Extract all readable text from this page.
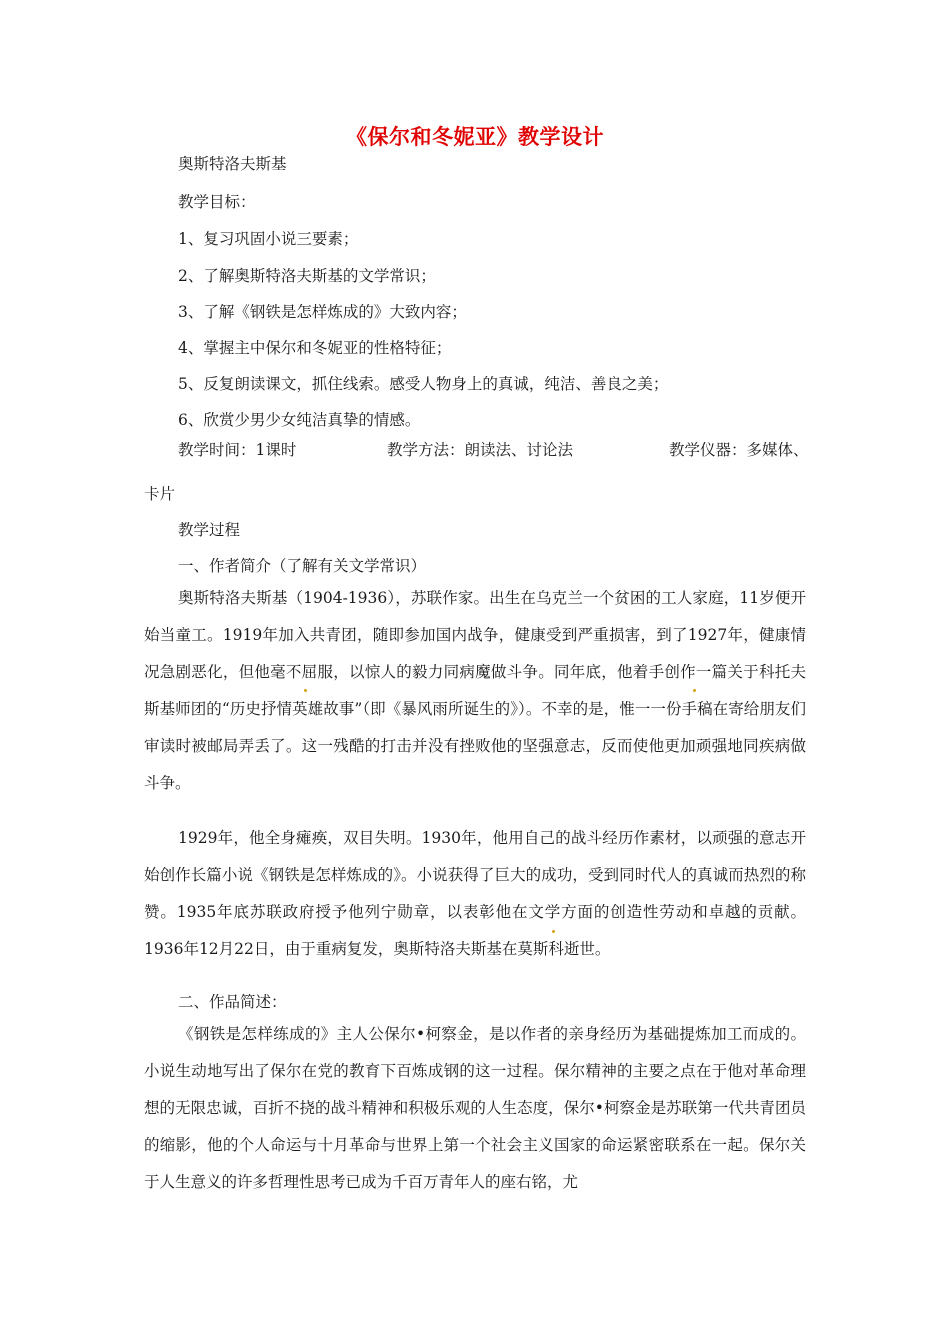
《保尔和冬妮亚》教学设计

奥斯特洛夫斯基

教学目标：

1、复习巩固小说三要素；

2、了解奥斯特洛夫斯基的文学常识；

3、了解《钢铁是怎样炼成的》大致内容；

4、掌握主中保尔和冬妮亚的性格特征；

5、反复朗读课文，抓住线索。感受人物身上的真诚，纯洁、善良之美；

6、欣赏少男少女纯洁真挚的情感。

教学时间：1课时	教学方法：朗读法、讨论法	教学仪器：多媒体、

卡片

教学过程

一、作者简介（了解有关文学常识）

奥斯特洛夫斯基（1904-1936），苏联作家。出生在乌克兰一个贫困的工人家庭，11岁便开始当童工。1919年加入共青团，随即参加国内战争，健康受到严重损害，到了1927年，健康情况急剧恶化，但他毫不屈服，以惊人的毅力同病魔做斗争。同年底，他着手创作一篇关于科托夫斯基师团的“历史抒情英雄故事”（即《暴风雨所诞生的》）。不幸的是，惟一一份手稿在寄给朋友们审读时被邮局弄丢了。这一残酷的打击并没有挫败他的坚强意志，反而使他更加顽强地同疾病做斗争。

1929年，他全身瘫痪，双目失明。1930年，他用自己的战斗经历作素材，以顽强的意志开始创作长篇小说《钢铁是怎样炼成的》。小说获得了巨大的成功，受到同时代人的真诚而热烈的称赞。1935年底苏联政府授予他列宁勋章，以表彰他在文学方面的创造性劳动和卓越的贡献。1936年12月22日，由于重病复发，奥斯特洛夫斯基在莫斯科逝世。

二、作品简述：

《钢铁是怎样练成的》主人公保尔•柯察金，是以作者的亲身经历为基础提炼加工而成的。小说生动地写出了保尔在党的教育下百炼成钢的这一过程。保尔精神的主要之点在于他对革命理想的无限忠诚，百折不挠的战斗精神和积极乐观的人生态度，保尔•柯察金是苏联第一代共青团员的缩影，他的个人命运与十月革命与世界上第一个社会主义国家的命运紧密联系在一起。保尔关于人生意义的许多哲理性思考已成为千百万青年人的座右铭，尤
